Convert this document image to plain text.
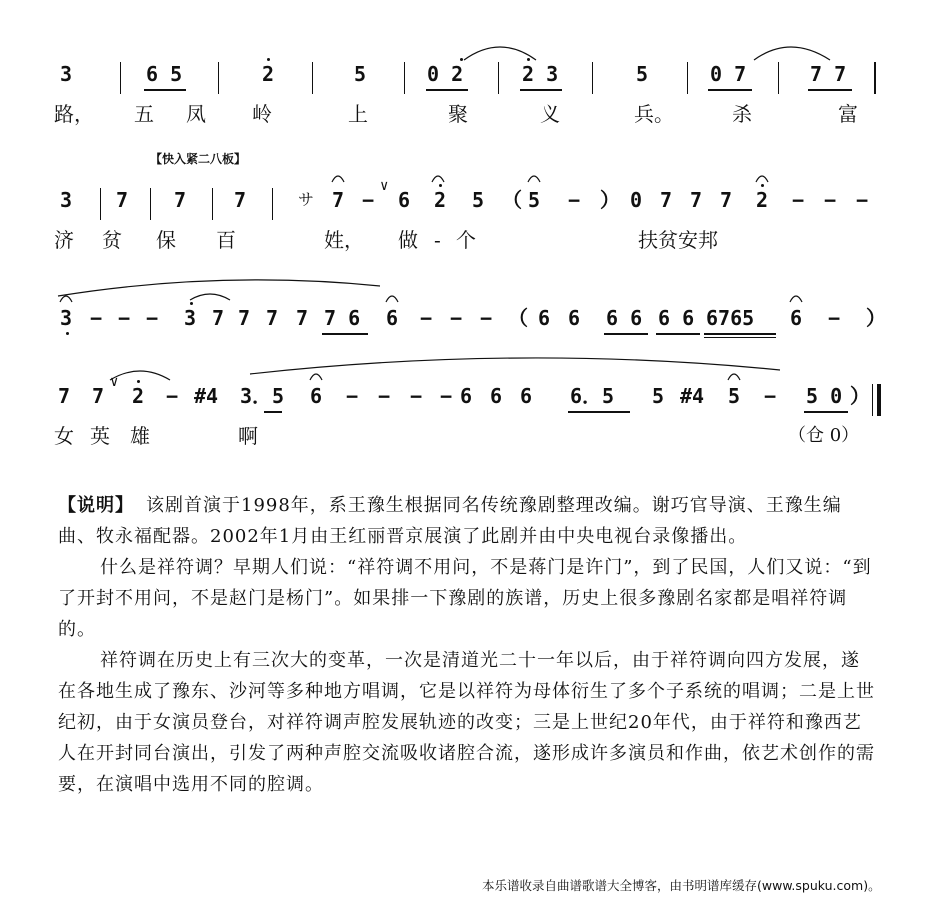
3	6 5	2	5	0 2	2 3	5	0 7	7 7
路， 五 凤 岭	上	聚	义	兵。	杀	富
【快入紧二八板】
3 7 7 7	サ 7 −
∨
6 2 5 （ 5 − ） 0 7 7 7 2 − − −
济 贫 保 百	姓， 做 - 个	扶贫安邦
3 − − − 3 7 7 7 7 7 6 6 − − − （ 6 6 6 6 6 6 6765 6 − ）
7 7
∨
2 − #4 3．5 6 − − − − 6 6 6 6．5 5 #4 5 − 5 0 ）
女 英 雄	啊	（仓 0）

【说明】 该剧首演于1998年，系王豫生根据同名传统豫剧整理改编。谢巧官导演、王豫生编曲、牧永福配器。2002年1月由王红丽晋京展演了此剧并由中央电视台录像播出。

什么是祥符调？早期人们说：“祥符调不用问，不是蒋门是许门”，到了民国，人们又说：“到了开封不用问，不是赵门是杨门”。如果排一下豫剧的族谱，历史上很多豫剧名家都是唱祥符调的。

祥符调在历史上有三次大的变革，一次是清道光二十一年以后，由于祥符调向四方发展，遂在各地生成了豫东、沙河等多种地方唱调，它是以祥符为母体衍生了多个子系统的唱调；二是上世纪初，由于女演员登台，对祥符调声腔发展轨迹的改变；三是上世纪20年代，由于祥符和豫西艺人在开封同台演出，引发了两种声腔交流吸收诸腔合流，遂形成许多演员和作曲，依艺术创作的需要，在演唱中选用不同的腔调。

本乐谱收录自曲谱歌谱大全博客，由书明谱库缓存(www.spuku.com)。
